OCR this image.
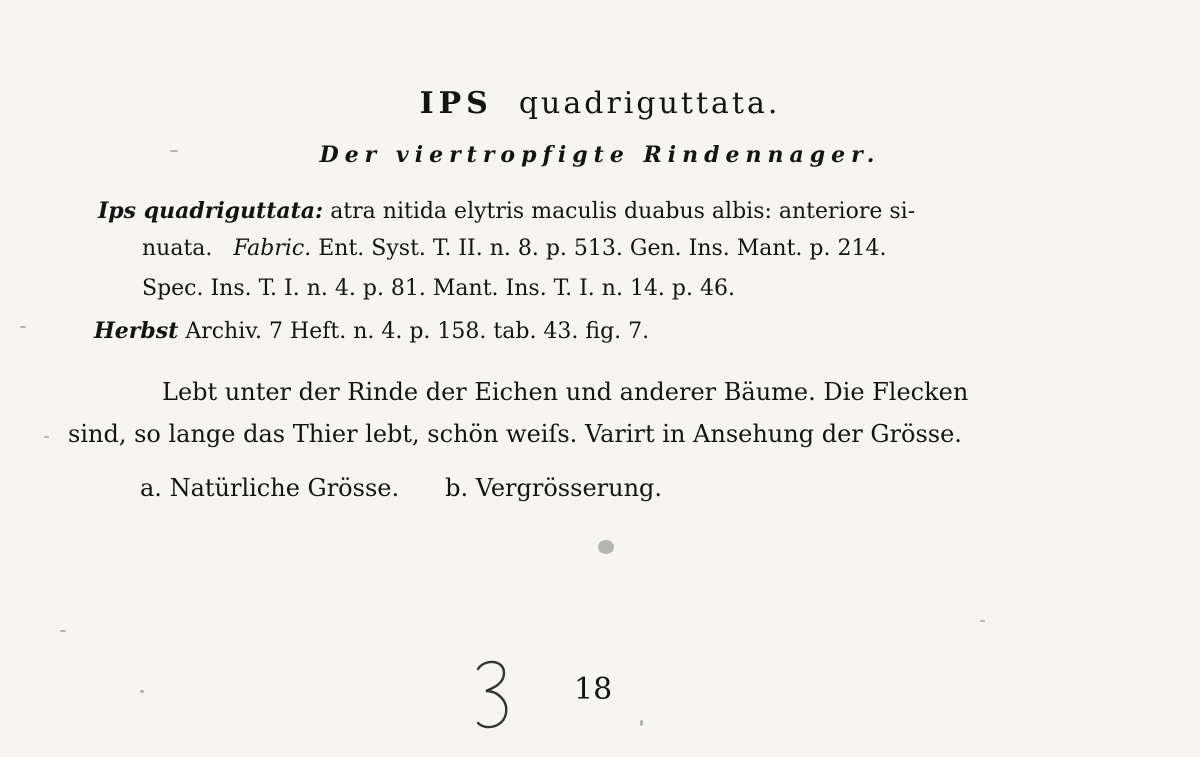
IPS quadriguttata.
Der viertropfigte Rindennager.
Ips quadriguttata: atra nitida elytris maculis duabus albis: anteriore si-
nuata. Fabric. Ent. Syst. T. II. n. 8. p. 513. Gen. Ins. Mant. p. 214.
Spec. Ins. T. I. n. 4. p. 81. Mant. Ins. T. I. n. 14. p. 46.
Herbst Archiv. 7 Heft. n. 4. p. 158. tab. 43. fig. 7.
Lebt unter der Rinde der Eichen und anderer Bäume. Die Flecken
sind, so lange das Thier lebt, schön weiſs. Varirt in Ansehung der Grösse.
a. Natürliche Grösse. b. Vergrösserung.
18
